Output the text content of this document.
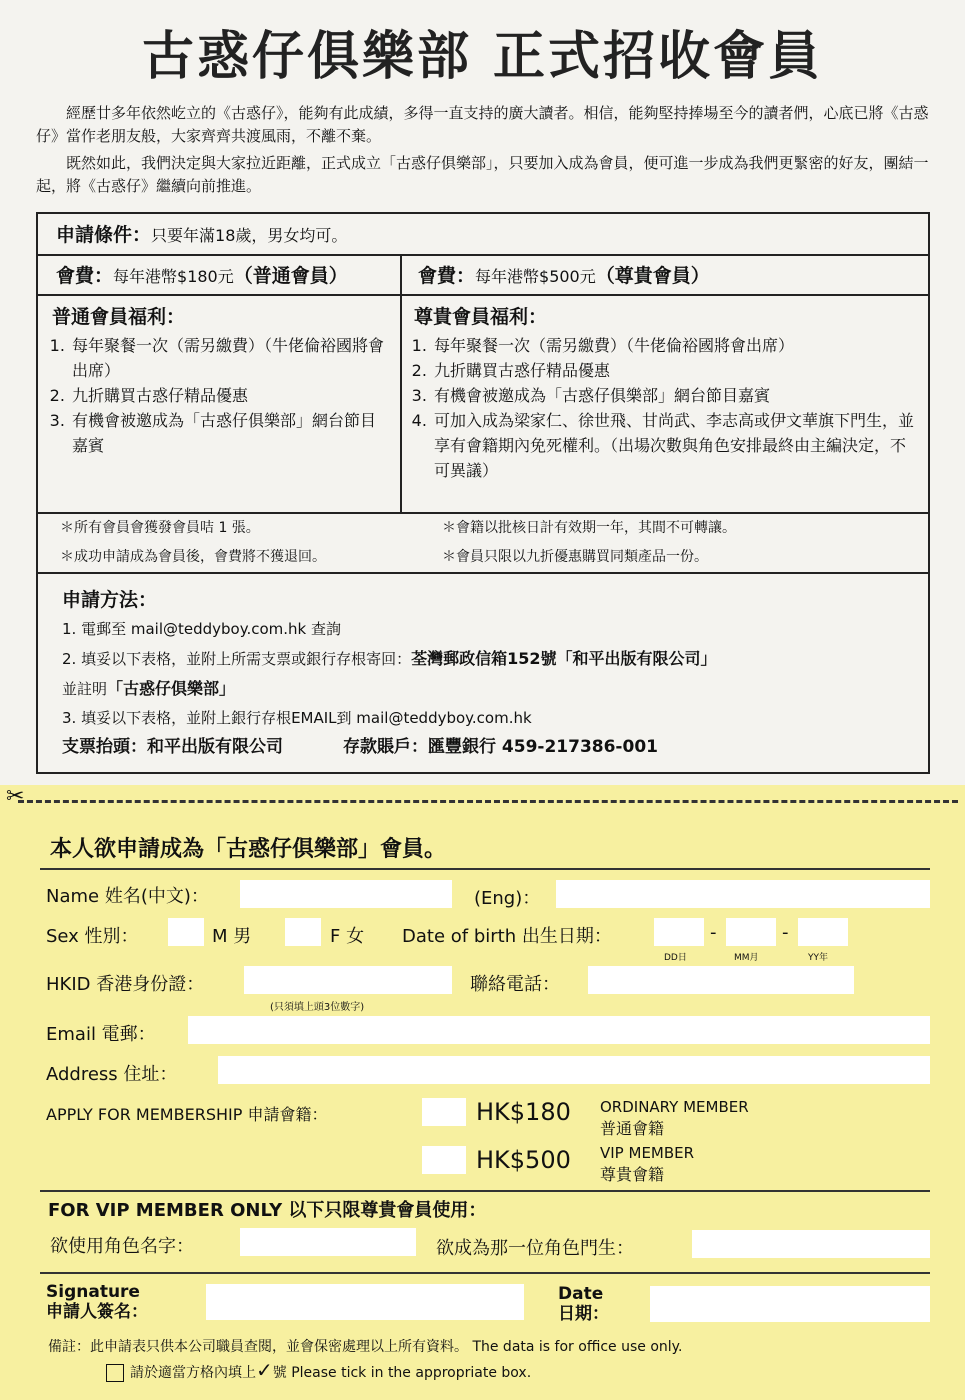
古惑仔俱樂部 正式招收會員

經歷廿多年依然屹立的《古惑仔》，能夠有此成績，多得一直支持的廣大讀者。相信，能夠堅持捧場至今的讀者們，心底已將《古惑仔》當作老朋友般，大家齊齊共渡風雨，不離不棄。

既然如此，我們決定與大家拉近距離，正式成立「古惑仔俱樂部」，只要加入成為會員，便可進一步成為我們更緊密的好友，團結一起，將《古惑仔》繼續向前推進。

申請條件：只要年滿18歲，男女均可。
會費：每年港幣$180元（普通會員）	會費：每年港幣$500元（尊貴會員）
普通會員福利：
1. 每年聚餐一次（需另繳費）（牛佬倫裕國將會出席）
2. 九折購買古惑仔精品優惠
3. 有機會被邀成為「古惑仔俱樂部」網台節目嘉賓
尊貴會員福利：
1. 每年聚餐一次（需另繳費）（牛佬倫裕國將會出席）
2. 九折購買古惑仔精品優惠
3. 有機會被邀成為「古惑仔俱樂部」網台節目嘉賓
4. 可加入成為梁家仁、徐世飛、甘尚武、李志高或伊文華旗下門生，並享有會籍期內免死權利。（出場次數與角色安排最終由主編決定，不可異議）
＊所有會員會獲發會員咭 1 張。	＊會籍以批核日計有效期一年，其間不可轉讓。
＊成功申請成為會員後，會費將不獲退回。	＊會員只限以九折優惠購買同類產品一份。
申請方法：
1. 電郵至 mail@teddyboy.com.hk 查詢
2. 填妥以下表格，並附上所需支票或銀行存根寄回：荃灣郵政信箱152號「和平出版有限公司」
並註明「古惑仔俱樂部」
3. 填妥以下表格，並附上銀行存根EMAIL到 mail@teddyboy.com.hk
支票抬頭：和平出版有限公司	存款賬戶：匯豐銀行 459-217386-001
✂
本人欲申請成為「古惑仔俱樂部」會員。
Name 姓名(中文)：	(Eng)：
Sex 性別：	M 男	F 女 Date of birth 出生日期：	-	-
DD日	MM月	YY年
HKID 香港身份證：
(只須填上頭3位數字)
聯絡電話：
Email 電郵：
Address 住址：
APPLY FOR MEMBERSHIP 申請會籍：	HK$180 ORDINARY MEMBER
普通會籍
HK$500 VIP MEMBER
尊貴會籍
FOR VIP MEMBER ONLY 以下只限尊貴會員使用：
欲使用角色名字：	欲成為那一位角色門生：
Signature
申請人簽名：
Date
日期：
備註：此申請表只供本公司職員查閱，並會保密處理以上所有資料。 The data is for office use only.
請於適當方格內填上✓號 Please tick in the appropriate box.
